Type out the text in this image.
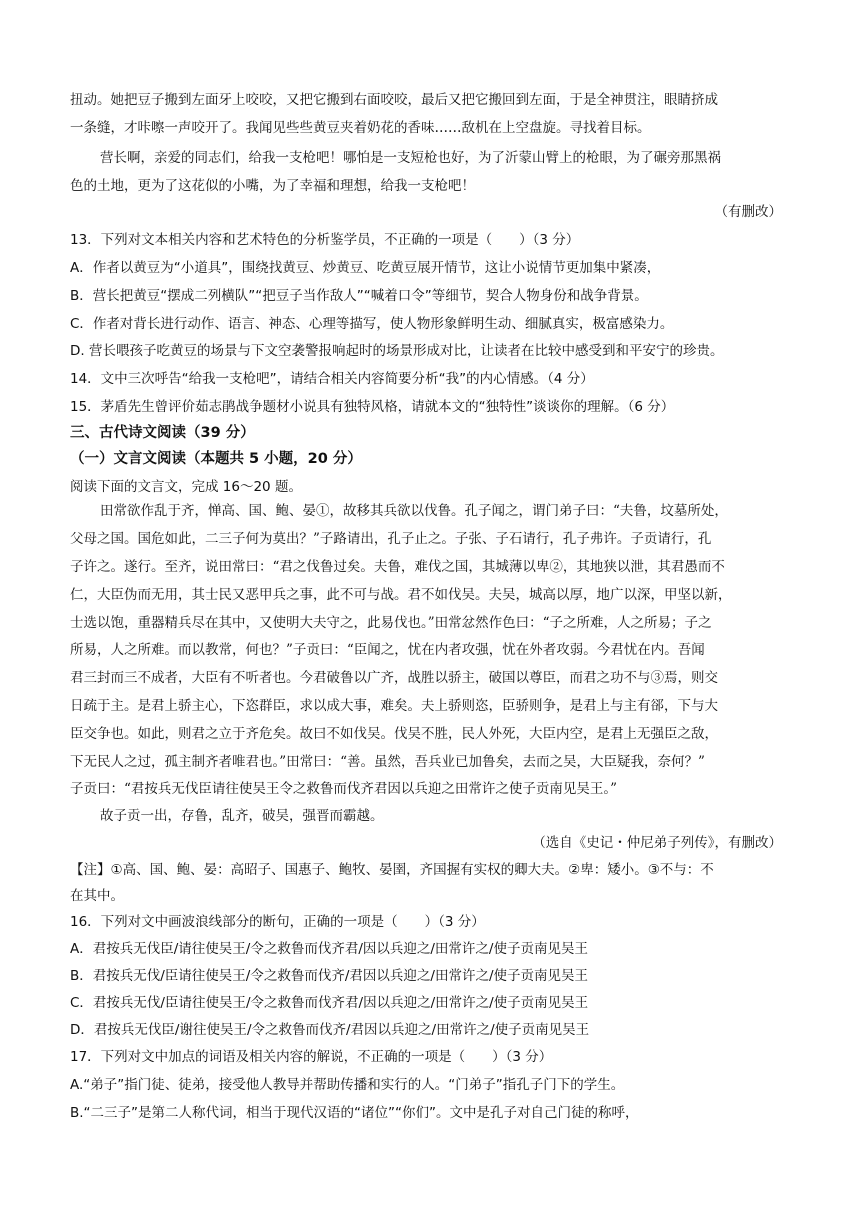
扭动。她把豆子搬到左面牙上咬咬，又把它搬到右面咬咬，最后又把它搬回到左面，于是全神贯注，眼睛挤成
一条缝，才咔嚓一声咬开了。我闻见些些黄豆夹着奶花的香味……敌机在上空盘旋。寻找着目标。
营长啊，亲爱的同志们，给我一支枪吧！哪怕是一支短枪也好，为了沂蒙山臂上的枪眼，为了碾旁那黑祸
色的土地，更为了这花似的小嘴，为了幸福和理想，给我一支枪吧！
（有删改）
13．下列对文本相关内容和艺术特色的分析鉴学员，不正确的一项是（　　）（3 分）
A．作者以黄豆为“小道具”，围绕找黄豆、炒黄豆、吃黄豆展开情节，这让小说情节更加集中紧凑，
B．营长把黄豆“摆成二列横队”“把豆子当作敌人”“喊着口令”等细节，契合人物身份和战争背景。
C．作者对背长进行动作、语言、神态、心理等描写，使人物形象鲜明生动、细腻真实，极富感染力。
D. 营长喂孩子吃黄豆的场景与下文空袭警报响起时的场景形成对比，让读者在比较中感受到和平安宁的珍贵。
14．文中三次呼告“给我一支枪吧”，请结合相关内容简要分析“我”的内心情感。（4 分）
15．茅盾先生曾评价茹志鹃战争题材小说具有独特风格，请就本文的“独特性”谈谈你的理解。（6 分）
三、古代诗文阅读（39 分）
（一）文言文阅读（本题共 5 小题，20 分）
阅读下面的文言文，完成 16～20 题。
田常欲作乱于齐，惮高、国、鲍、晏①，故移其兵欲以伐鲁。孔子闻之，谓门弟子曰：“夫鲁，坟墓所处，
父母之国。国危如此，二三子何为莫出？”子路请出，孔子止之。子张、子石请行，孔子弗许。子贡请行，孔
子许之。遂行。至齐，说田常曰：“君之伐鲁过矣。夫鲁，难伐之国，其城薄以卑②，其地狭以泄，其君愚而不
仁，大臣伪而无用，其士民又恶甲兵之事，此不可与战。君不如伐吴。夫吴，城高以厚，地广以深，甲坚以新，
士选以饱，重器精兵尽在其中，又使明大夫守之，此易伐也。”田常忿然作色曰：“子之所难，人之所易；子之
所易，人之所难。而以教常，何也？”子贡曰：“臣闻之，忧在内者攻强，忧在外者攻弱。今君忧在内。吾闻
君三封而三不成者，大臣有不听者也。今君破鲁以广齐，战胜以骄主，破国以尊臣，而君之功不与③焉，则交
日疏于主。是君上骄主心，下恣群臣，求以成大事，难矣。夫上骄则恣，臣骄则争，是君上与主有郤，下与大
臣交争也。如此，则君之立于齐危矣。故曰不如伐吴。伐吴不胜，民人外死，大臣内空，是君上无强臣之敌，
下无民人之过，孤主制齐者唯君也。”田常曰：“善。虽然，吾兵业已加鲁矣，去而之吴，大臣疑我，奈何？”
子贡曰：“君按兵无伐臣请往使吴王令之救鲁而伐齐君因以兵迎之田常许之使子贡南见吴王。”
故子贡一出，存鲁，乱齐，破吴，强晋而霸越。
（选自《史记・仲尼弟子列传》，有删改）
【注】①高、国、鲍、晏：高昭子、国惠子、鲍牧、晏圉，齐国握有实权的卿大夫。②卑：矮小。③不与：不
在其中。
16．下列对文中画波浪线部分的断句，正确的一项是（　　）（3 分）
A．君按兵无伐臣/请往使吴王/令之救鲁而伐齐君/因以兵迎之/田常许之/使子贡南见吴王
B．君按兵无伐/臣请往使吴王/令之救鲁而伐齐/君因以兵迎之/田常许之/使子贡南见吴王
C．君按兵无伐/臣请往使吴王/令之救鲁而伐齐君/因以兵迎之/田常许之/使子贡南见吴王
D．君按兵无伐臣/谢往使吴王/令之救鲁而伐齐/君因以兵迎之/田常许之/使子贡南见吴王
17．下列对文中加点的词语及相关内容的解说，不正确的一项是（　　）（3 分）
A.“弟子”指门徒、徒弟，接受他人教导并帮助传播和实行的人。“门弟子”指孔子门下的学生。
B.“二三子”是第二人称代词，相当于现代汉语的“诸位”“你们”。文中是孔子对自己门徒的称呼，
